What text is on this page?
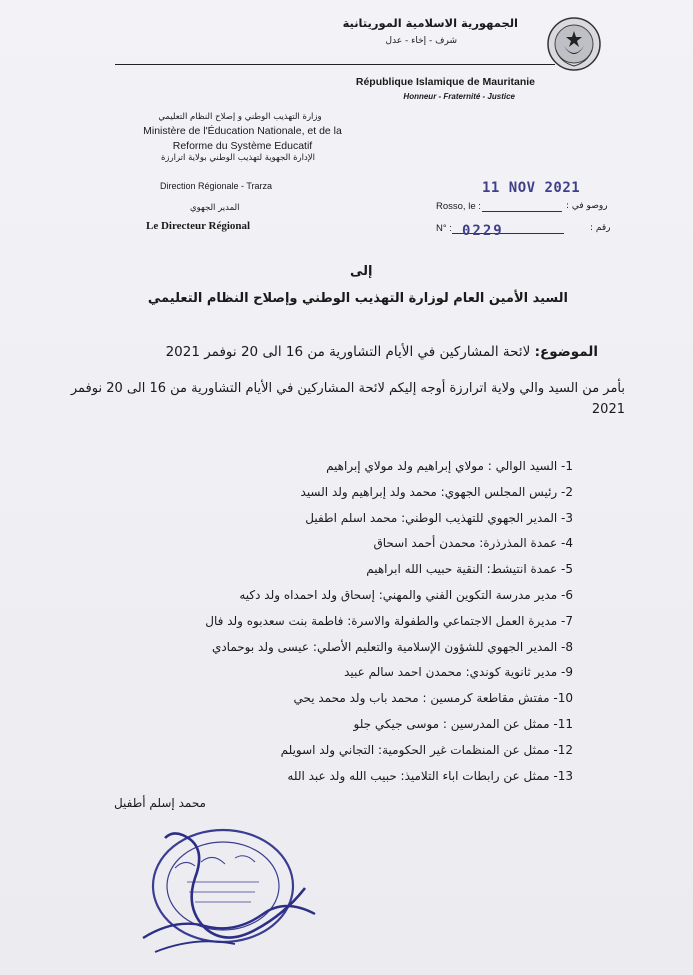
الجمهورية الاسلامية الموريتانية
شرف - إخاء - عدل
République Islamique de Mauritanie
Honneur - Fraternité - Justice
وزارة التهذيب الوطني و إصلاح النظام التعليمي
Ministère de l'Éducation Nationale, et de la
Reforme du Système Educatif
الإدارة الجهوية لتهذيب الوطني بولاية اترارزة
Direction Régionale - Trarza
المدير الجهوي
Le Directeur Régional
11 NOV 2021
Rosso, le :	روصو في :
N° : 0229	رقم :
إلى
السيد الأمين العام لوزارة التهذيب الوطني وإصلاح النظام التعليمي
الموضوع: لائحة المشاركين في الأيام التشاورية من 16 الى 20 نوفمر 2021
بأمر من السيد والي ولاية اترارزة أوجه إليكم لائحة المشاركين في الأيام التشاورية من 16 الى 20 نوفمر 2021
1- السيد الوالي : مولاي إبراهيم ولد مولاي إبراهيم
2- رئيس المجلس الجهوي: محمد ولد إبراهيم ولد السيد
3- المدير الجهوي للتهذيب الوطني: محمد اسلم اطفيل
4- عمدة المذرذرة: محمدن أحمد اسحاق
5- عمدة انتيشط: النقية حبيب الله ابراهيم
6- مدير مدرسة التكوين الفني والمهني: إسحاق ولد احمداه ولد دكيه
7- مديرة العمل الاجتماعي والطفولة والاسرة: فاطمة بنت سعدبوه ولد فال
8- المدير الجهوي للشؤون الإسلامية والتعليم الأصلي: عيسى ولد بوحمادي
9- مدير ثانوية كوندي: محمدن احمد سالم عبيد
10- مفتش مقاطعة كرمسين : محمد باب ولد محمد يحي
11- ممثل عن المدرسين : موسى جيكي جلو
12- ممثل عن المنظمات غير الحكومية: التجاني ولد اسويلم
13- ممثل عن رابطات اباء التلاميذ: حبيب الله ولد عبد الله
محمد إسلم أطفيل
